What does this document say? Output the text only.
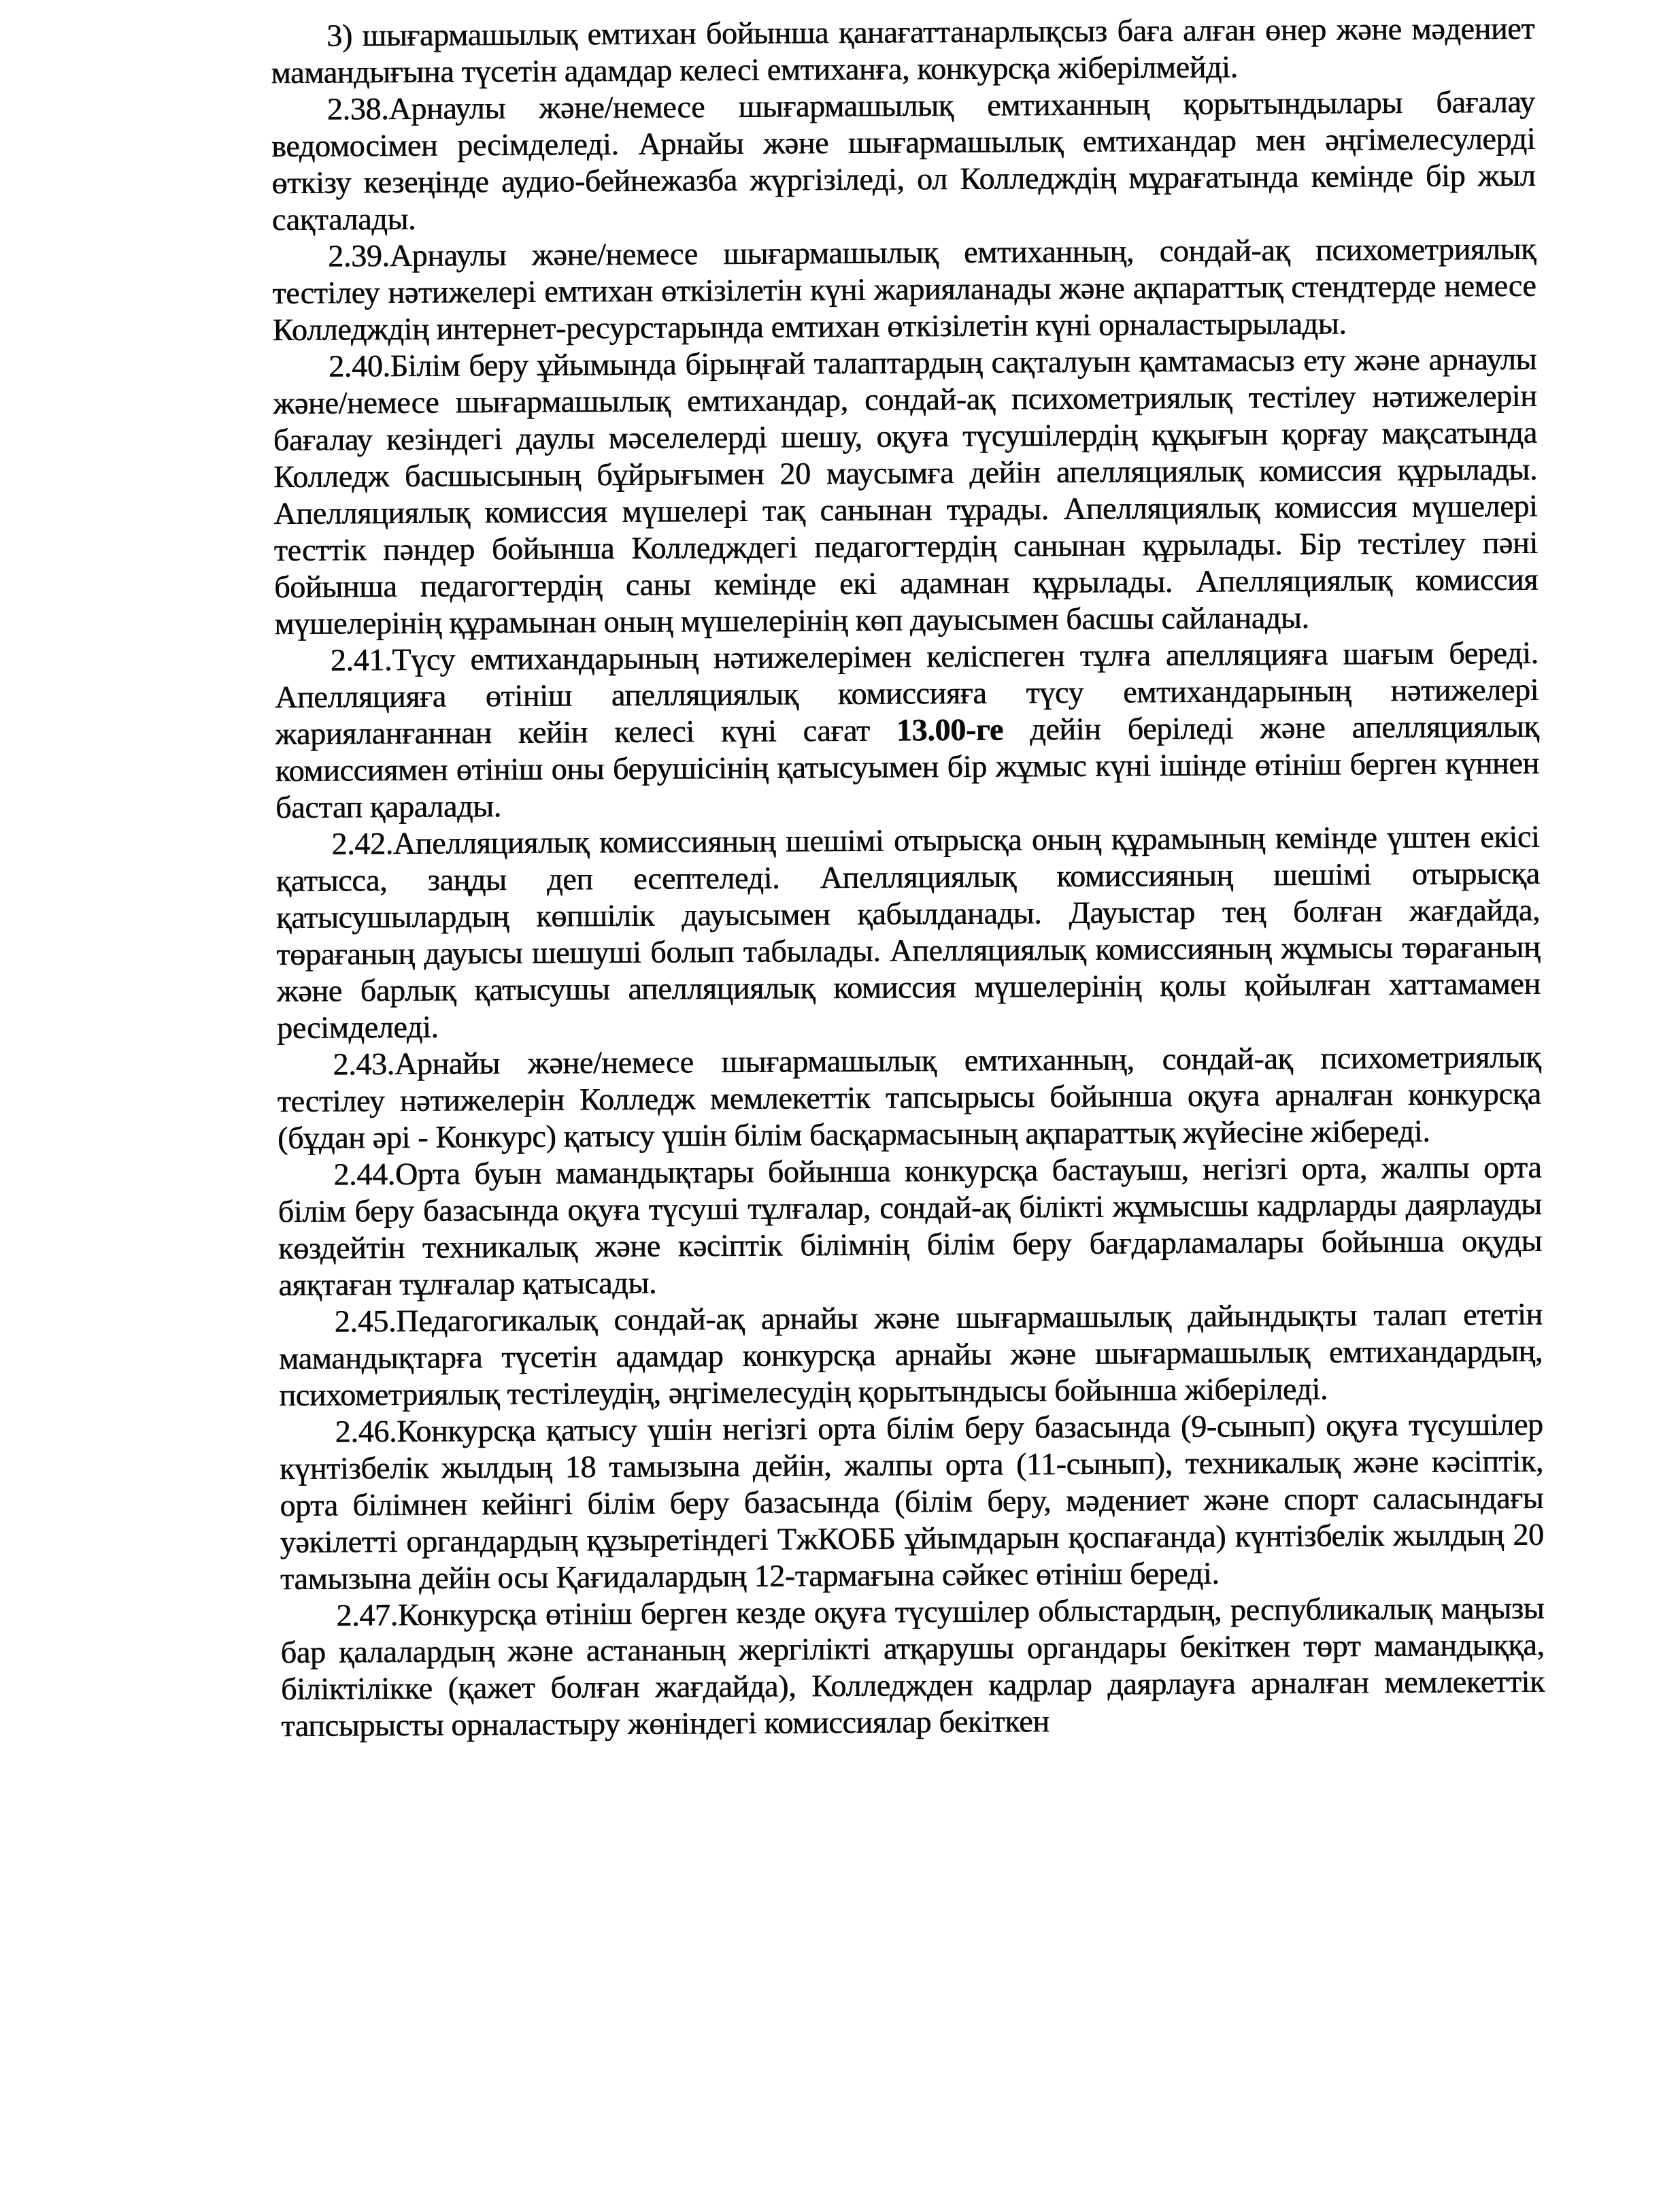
3) шығармашылық емтихан бойынша қанағаттанарлықсыз баға алған өнер және мәдениет мамандығына түсетін адамдар келесі емтиханға, конкурсқа жіберілмейді.

2.38.Арнаулы және/немесе шығармашылық емтиханның қорытындылары бағалау ведомосімен ресімделеді. Арнайы және шығармашылық емтихандар мен әңгімелесулерді өткізу кезеңінде аудио-бейнежазба жүргізіледі, ол Колледждің мұрағатында кемінде бір жыл сақталады.

2.39.Арнаулы және/немесе шығармашылық емтиханның, сондай-ақ психометриялық тестілеу нәтижелері емтихан өткізілетін күні жарияланады және ақпараттық стендтерде немесе Колледждің интернет-ресурстарында емтихан өткізілетін күні орналастырылады.

2.40.Білім беру ұйымында бірыңғай талаптардың сақталуын қамтамасыз ету және арнаулы және/немесе шығармашылық емтихандар, сондай-ақ психометриялық тестілеу нәтижелерін бағалау кезіндегі даулы мәселелерді шешу, оқуға түсушілердің құқығын қорғау мақсатында Колледж басшысының бұйрығымен 20 маусымға дейін апелляциялық комиссия құрылады. Апелляциялық комиссия мүшелері тақ санынан тұрады. Апелляциялық комиссия мүшелері тесттік пәндер бойынша Колледждегі педагогтердің санынан құрылады. Бір тестілеу пәні бойынша педагогтердің саны кемінде екі адамнан құрылады. Апелляциялық комиссия мүшелерінің құрамынан оның мүшелерінің көп дауысымен басшы сайланады.

2.41.Түсу емтихандарының нәтижелерімен келіспеген тұлға апелляцияға шағым береді. Апелляцияға өтініш апелляциялық комиссияға түсу емтихандарының нәтижелері жарияланғаннан кейін келесі күні сағат 13.00-ге дейін беріледі және апелляциялық комиссиямен өтініш оны берушісінің қатысуымен бір жұмыс күні ішінде өтініш берген күннен бастап қаралады.

2.42.Апелляциялық комиссияның шешімі отырысқа оның құрамының кемінде үштен екісі қатысса, заңды деп есептеледі. Апелляциялық комиссияның шешімі отырысқа қатысушылардың көпшілік дауысымен қабылданады. Дауыстар тең болған жағдайда, төрағаның дауысы шешуші болып табылады. Апелляциялық комиссияның жұмысы төрағаның және барлық қатысушы апелляциялық комиссия мүшелерінің қолы қойылған хаттамамен ресімделеді.

2.43.Арнайы және/немесе шығармашылық емтиханның, сондай-ақ психометриялық тестілеу нәтижелерін Колледж мемлекеттік тапсырысы бойынша оқуға арналған конкурсқа (бұдан әрі - Конкурс) қатысу үшін білім басқармасының ақпараттық жүйесіне жібереді.

2.44.Орта буын мамандықтары бойынша конкурсқа бастауыш, негізгі орта, жалпы орта білім беру базасында оқуға түсуші тұлғалар, сондай-ақ білікті жұмысшы кадрларды даярлауды көздейтін техникалық және кәсіптік білімнің білім беру бағдарламалары бойынша оқуды аяқтаған тұлғалар қатысады.

2.45.Педагогикалық сондай-ақ арнайы және шығармашылық дайындықты талап ететін мамандықтарға түсетін адамдар конкурсқа арнайы және шығармашылық емтихандардың, психометриялық тестілеудің, әңгімелесудің қорытындысы бойынша жіберіледі.

2.46.Конкурсқа қатысу үшін негізгі орта білім беру базасында (9-сынып) оқуға түсушілер күнтізбелік жылдың 18 тамызына дейін, жалпы орта (11-сынып), техникалық және кәсіптік, орта білімнен кейінгі білім беру базасында (білім беру, мәдениет және спорт саласындағы уәкілетті органдардың құзыретіндегі ТжКОББ ұйымдарын қоспағанда) күнтізбелік жылдың 20 тамызына дейін осы Қағидалардың 12-тармағына сәйкес өтініш береді.

2.47.Конкурсқа өтініш берген кезде оқуға түсушілер облыстардың, республикалық маңызы бар қалалардың және астананың жергілікті атқарушы органдары бекіткен төрт мамандыққа, біліктілікке (қажет болған жағдайда), Колледжден кадрлар даярлауға арналған мемлекеттік тапсырысты орналастыру жөніндегі комиссиялар бекіткен
